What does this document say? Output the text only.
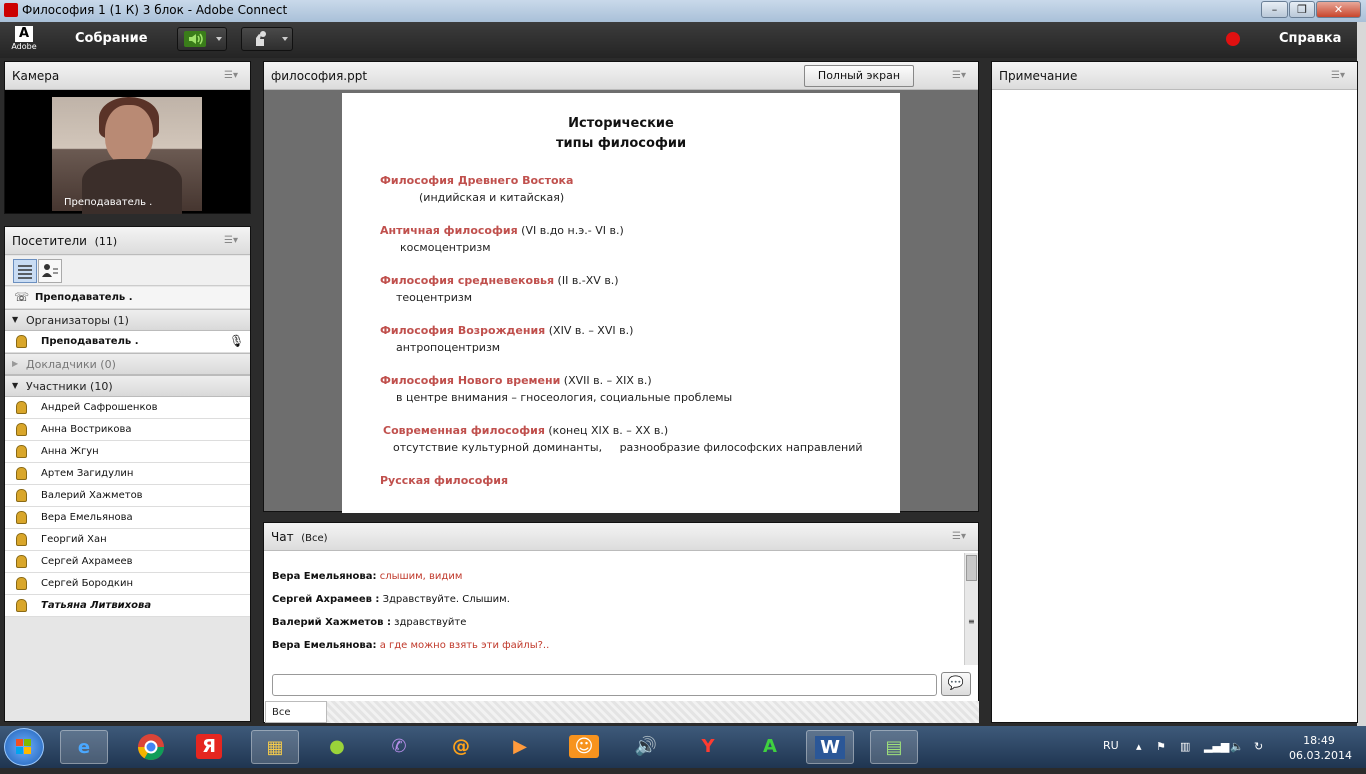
Философия 1 (1 К) 3 блок - Adobe Connect	–	❐	✕
A
Adobe
Собрание	Справка
Камера	☰▾
Преподаватель .
Посетители (11)	☰▾
☏ Преподаватель .
▼ Организаторы (1)
Преподаватель .	🎙
▶ Докладчики (0)
▼ Участники (10)
Андрей Сафрошенков
Анна Вострикова
Анна Жгун
Артем Загидулин
Валерий Хажметов
Вера Емельянова
Георгий Хан
Сергей Ахрамеев
Сергей Бородкин
Татьяна Литвихова
философия.ppt	Полный экран	☰▾
Исторические
типы философии
Философия Древнего Востока
(индийская и китайская)
Античная философия (VI в.до н.э.- VI в.)
космоцентризм
Философия средневековья (II в.-XV в.)
теоцентризм
Философия Возрождения (XIV в. – XVI в.)
антропоцентризм
Философия Нового времени (XVII в. – XIX в.)
в центре внимания – гносеология, социальные проблемы
Современная философия (конец XIX в. – XX в.)
отсутствие культурной доминанты,     разнообразие философских направлений
Русская философия
Чат (Все)	☰▾
Вера Емельянова: слышим, видим
Сергей Ахрамеев : Здравствуйте. Слышим.
Валерий Хажметов : здравствуйте
Вера Емельянова: а где можно взять эти файлы?..
≡
💬
Все
Примечание	☰▾
e	Я	▦	●	✆	@	▶	☺	🔊	Y	A	W	▤	RU ▴ ⚑ ▥ ▂▄▆ 🔈 ↻	18:49
06.03.2014
